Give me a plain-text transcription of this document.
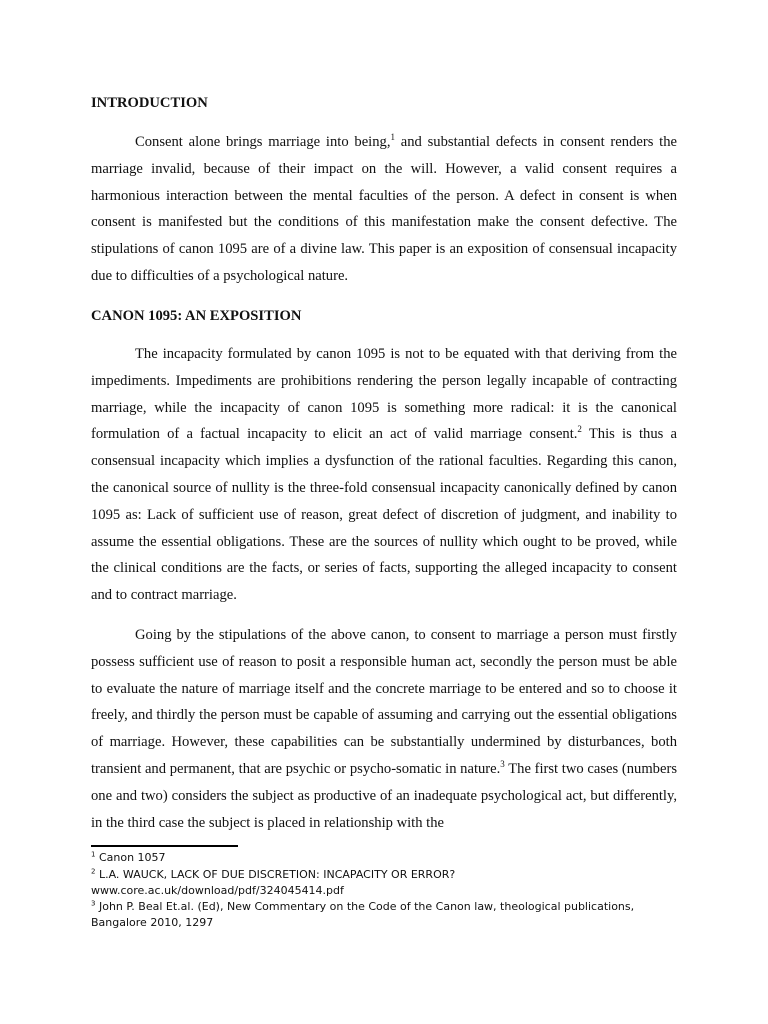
INTRODUCTION

Consent alone brings marriage into being,$^1$ and substantial defects in consent renders the marriage invalid, because of their impact on the will. However, a valid consent requires a harmonious interaction between the mental faculties of the person. A defect in consent is when consent is manifested but the conditions of this manifestation make the consent defective. The stipulations of canon 1095 are of a divine law. This paper is an exposition of consensual incapacity due to difficulties of a psychological nature.

CANON 1095: AN EXPOSITION

The incapacity formulated by canon 1095 is not to be equated with that deriving from the impediments. Impediments are prohibitions rendering the person legally incapable of contracting marriage, while the incapacity of canon 1095 is something more radical: it is the canonical formulation of a factual incapacity to elicit an act of valid marriage consent.$^2$ This is thus a consensual incapacity which implies a dysfunction of the rational faculties. Regarding this canon, the canonical source of nullity is the three-fold consensual incapacity canonically defined by canon 1095 as: Lack of sufficient use of reason, great defect of discretion of judgment, and inability to assume the essential obligations. These are the sources of nullity which ought to be proved, while the clinical conditions are the facts, or series of facts, supporting the alleged incapacity to consent and to contract marriage.

Going by the stipulations of the above canon, to consent to marriage a person must firstly possess sufficient use of reason to posit a responsible human act, secondly the person must be able to evaluate the nature of marriage itself and the concrete marriage to be entered and so to choose it freely, and thirdly the person must be capable of assuming and carrying out the essential obligations of marriage. However, these capabilities can be substantially undermined by disturbances, both transient and permanent, that are psychic or psycho-somatic in nature.$^3$ The first two cases (numbers one and two) considers the subject as productive of an inadequate psychological act, but differently, in the third case the subject is placed in relationship with the

$^1$ Canon 1057

$^2$ L.A. WAUCK, LACK OF DUE DISCRETION: INCAPACITY OR ERROR? www.core.ac.uk/download/pdf/324045414.pdf

$^3$ John P. Beal Et.al. (Ed), New Commentary on the Code of the Canon law, theological publications, Bangalore 2010, 1297
